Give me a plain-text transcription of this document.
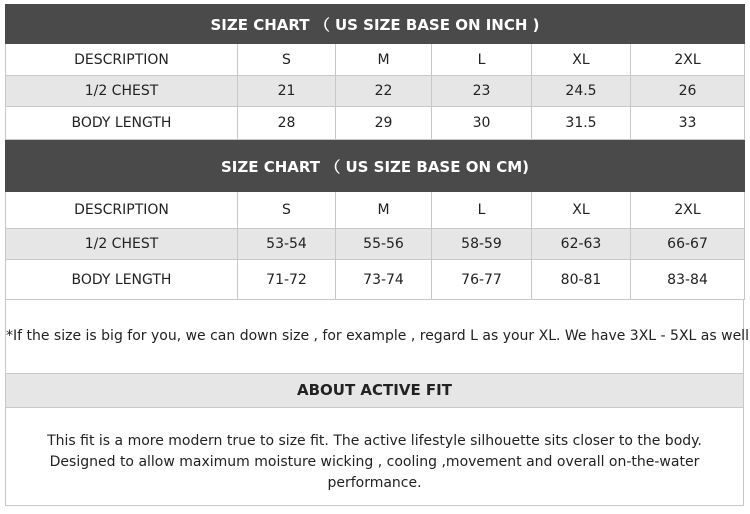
SIZE CHART （ US SIZE BASE ON INCH )					
DESCRIPTION	S	M	L	XL	2XL
1/2 CHEST	21	22	23	24.5	26
BODY LENGTH	28	29	30	31.5	33
SIZE CHART （ US SIZE BASE ON CM)					
DESCRIPTION	S	M	L	XL	2XL
1/2 CHEST	53-54	55-56	58-59	62-63	66-67
BODY LENGTH	71-72	73-74	76-77	80-81	83-84
*If the size is big for you, we can down size , for example , regard L as your XL. We have 3XL - 5XL as well
ABOUT ACTIVE FIT
This fit is a more modern true to size fit. The active lifestyle silhouette sits closer to the body.
Designed to allow maximum moisture wicking , cooling ,movement and overall on-the-water performance.
